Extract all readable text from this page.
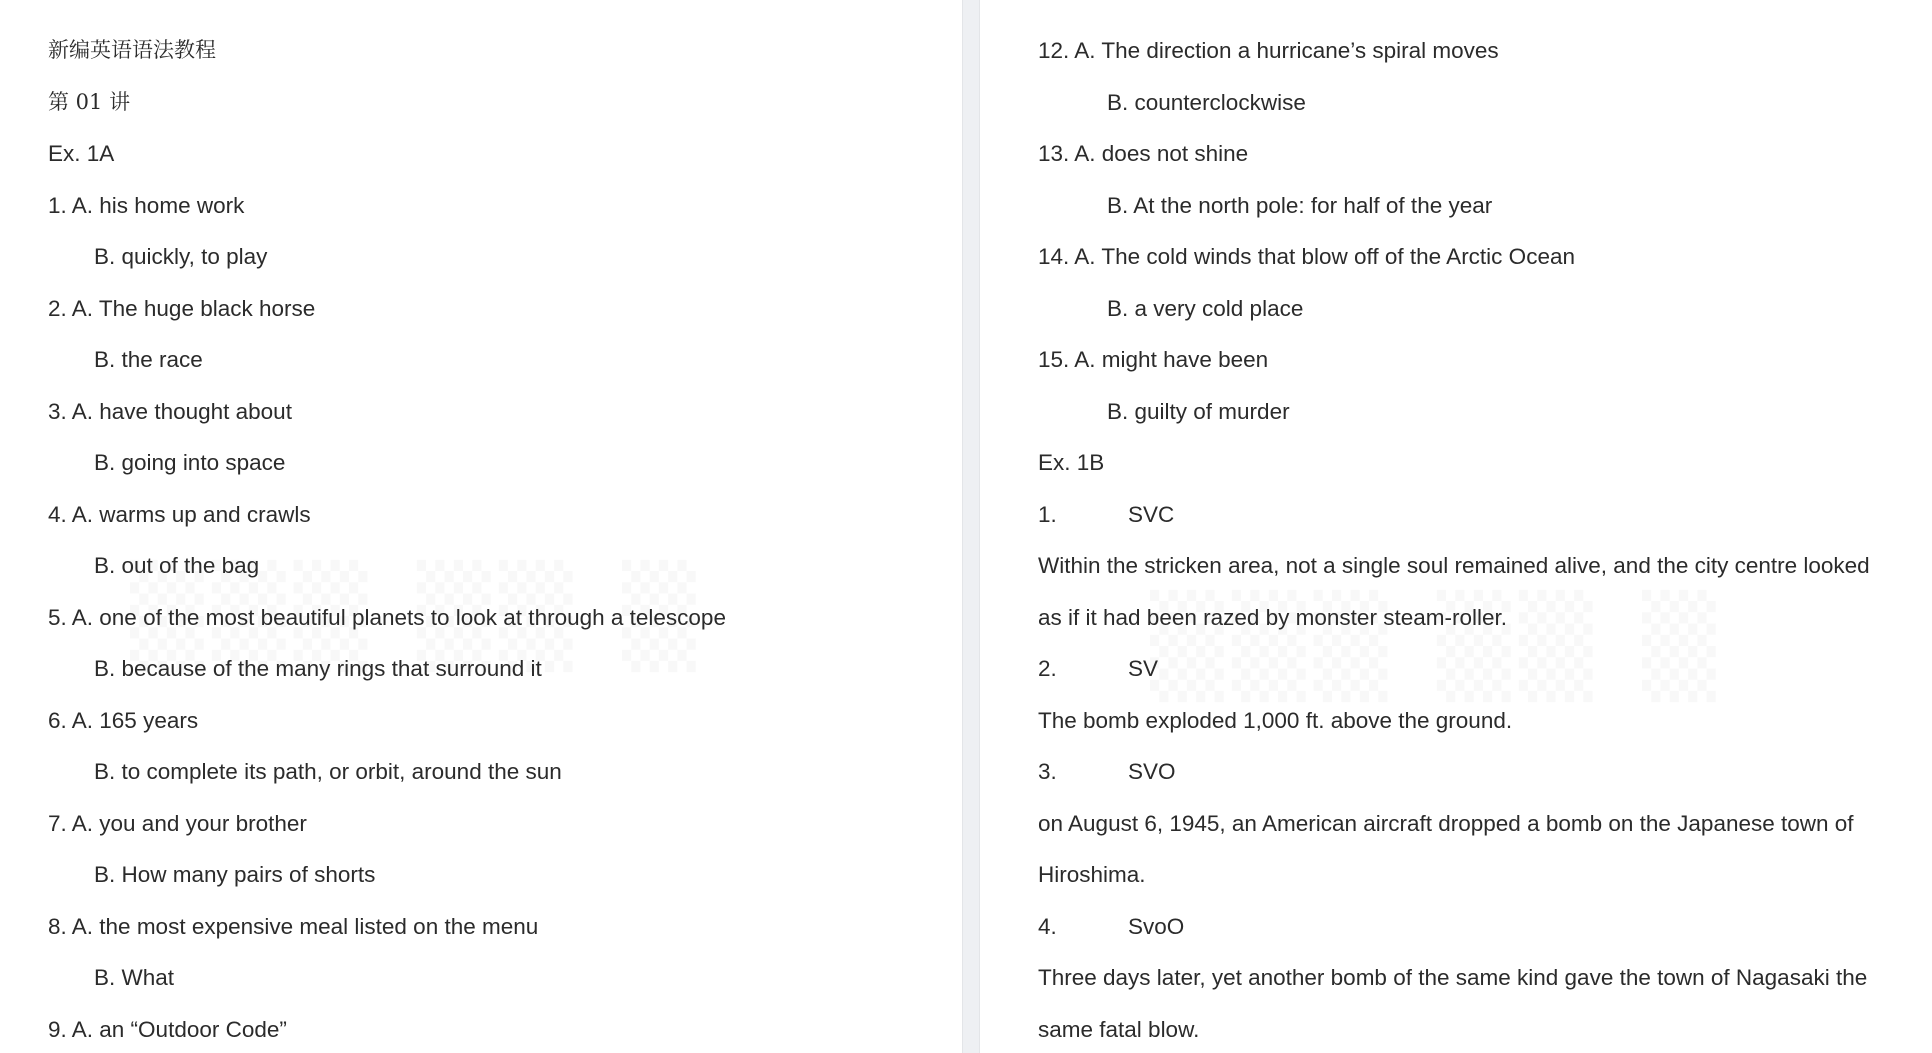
新编英语语法教程
第 01 讲
Ex. 1A
1. A. his home work
B. quickly, to play
2. A. The huge black horse
B. the race
3. A. have thought about
B. going into space
4. A. warms up and crawls
B. out of the bag
5. A. one of the most beautiful planets to look at through a telescope
B. because of the many rings that surround it
6. A. 165 years
B. to complete its path, or orbit, around the sun
7. A. you and your brother
B. How many pairs of shorts
8. A. the most expensive meal listed on the menu
B. What
9. A. an “Outdoor Code”
12. A. The direction a hurricane’s spiral moves
B. counterclockwise
13. A. does not shine
B. At the north pole: for half of the year
14. A. The cold winds that blow off of the Arctic Ocean
B. a very cold place
15. A. might have been
B. guilty of murder
Ex. 1B
1.	SVC
Within the stricken area, not a single soul remained alive, and the city centre looked
as if it had been razed by monster steam-roller.
2.	SV
The bomb exploded 1,000 ft. above the ground.
3.	SVO
on August 6, 1945, an American aircraft dropped a bomb on the Japanese town of
Hiroshima.
4.	SvoO
Three days later, yet another bomb of the same kind gave the town of Nagasaki the
same fatal blow.
